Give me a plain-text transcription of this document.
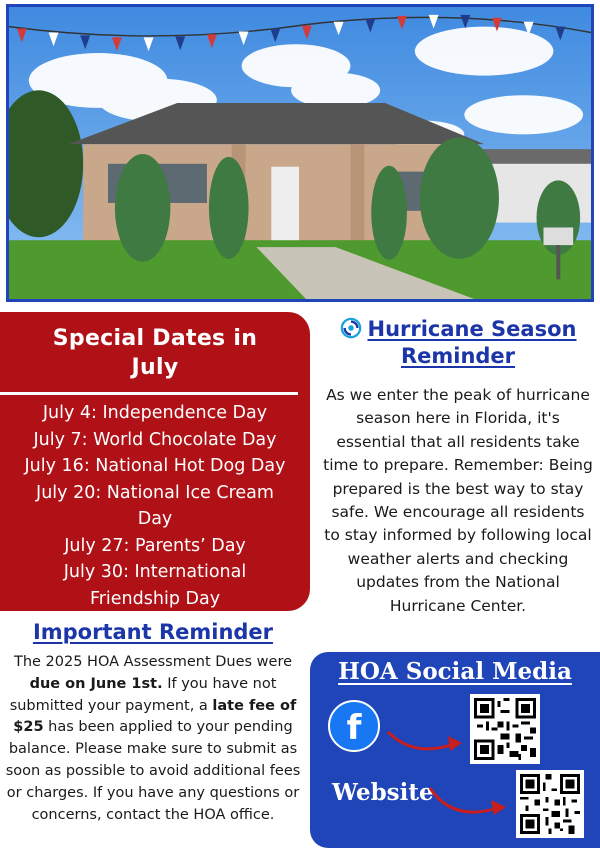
Special Dates in
July
July 4: Independence Day
July 7: World Chocolate Day
July 16: National Hot Dog Day
July 20: National Ice Cream
Day
July 27: Parents’ Day
July 30: International
Friendship Day
Hurricane Season
Reminder

As we enter the peak of hurricane season here in Florida, it's essential that all residents take time to prepare. Remember: Being prepared is the best way to stay safe. We encourage all residents to stay informed by following local weather alerts and checking updates from the National Hurricane Center.

Important Reminder

The 2025 HOA Assessment Dues were due on June 1st. If you have not submitted your payment, a late fee of $25 has been applied to your pending balance. Please make sure to submit as soon as possible to avoid additional fees or charges. If you have any questions or concerns, contact the HOA office.

HOA Social Media
f
Website
